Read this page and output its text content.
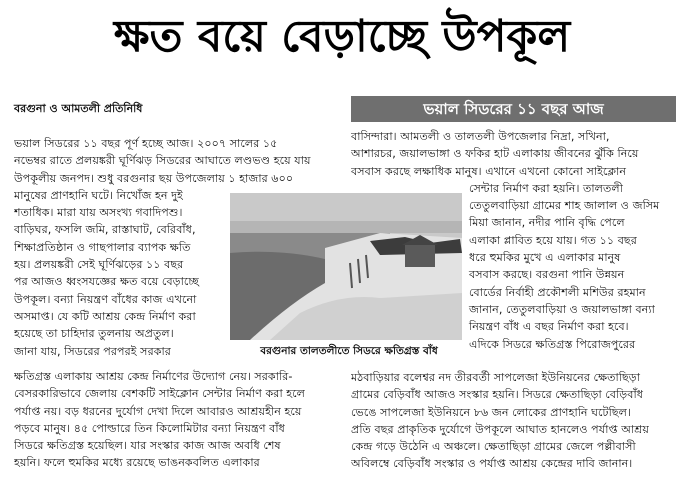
ক্ষত বয়ে বেড়াচ্ছে উপকূল
বরগুনা ও আমতলী প্রতিনিধি	ভয়াল সিডরের ১১ বছর আজ
ভয়াল সিডরের ১১ বছর পূর্ণ হচ্ছে আজ। ২০০৭ সালের ১৫
নভেম্বর রাতে প্রলয়ঙ্করী ঘূর্ণিঝড় সিডরের আঘাতে লণ্ডভণ্ড হয়ে যায়
উপকূলীয় জনপদ। শুধু বরগুনার ছয় উপজেলায় ১ হাজার ৬০০
মানুষের প্রাণহানি ঘটে। নিখোঁজ হন দুই
শতাধিক। মারা যায় অসংখ্য গবাদিপশু।
বাড়িঘর, ফসলি জমি, রাস্তাঘাট, বেরিবাঁধ,
শিক্ষাপ্রতিষ্ঠান ও গাছপালার ব্যাপক ক্ষতি
হয়। প্রলয়ঙ্করী সেই ঘূর্ণিঝড়ের ১১ বছর
পর আজও ধ্বংসযজ্ঞের ক্ষত বয়ে বেড়াচ্ছে
উপকূল। বন্যা নিয়ন্ত্রণ বাঁধের কাজ এখনো
অসমাপ্ত। যে কটি আশ্রয় কেন্দ্র নির্মাণ করা
হয়েছে তা চাহিদার তুলনায় অপ্রতুল।
জানা যায়, সিডরের পরপরই সরকার
ক্ষতিগ্রস্ত এলাকায় আশ্রয় কেন্দ্র নির্মাণের উদ্যোগ নেয়। সরকারি-
বেসরকারিভাবে জেলায় বেশকটি সাইক্লোন সেন্টার নির্মাণ করা হলে
পর্যাপ্ত নয়। বড় ধরনের দুর্যোগ দেখা দিলে আবারও আশ্রয়হীন হয়ে
পড়বে মানুষ। ৪৫ পোল্ডারে তিন কিলোমিটার বন্যা নিয়ন্ত্রণ বাঁধ
সিডরে ক্ষতিগ্রস্ত হয়েছিল। যার সংস্কার কাজ আজ অবধি শেষ
হয়নি। ফলে হুমকির মধ্যে রয়েছে ভাঙনকবলিত এলাকার
বাসিন্দারা। আমতলী ও তালতলী উপজেলার নিদ্রা, সখিনা,
আশারচর, জয়ালভাঙ্গা ও ফকির হাট এলাকায় জীবনের ঝুঁকি নিয়ে
বসবাস করছে লক্ষাধিক মানুষ। এখানে এখনো কোনো সাইক্লোন
সেন্টার নির্মাণ করা হয়নি। তালতলী
তেতুলবাড়িয়া গ্রামের শাহ জালাল ও জসিম
মিয়া জানান, নদীর পানি বৃদ্ধি পেলে
এলাকা প্লাবিত হয়ে যায়। গত ১১ বছর
ধরে হুমকির মুখে এ এলাকার মানুষ
বসবাস করছে। বরগুনা পানি উন্নয়ন
বোর্ডের নির্বাহী প্রকৌশলী মশিউর রহমান
জানান, তেতুলবাড়িয়া ও জয়ালভাঙ্গা বন্যা
নিয়ন্ত্রণ বাঁধ এ বছর নির্মাণ করা হবে।
এদিকে সিডরে ক্ষতিগ্রস্ত পিরোজপুরের
মঠবাড়িয়ার বলেশ্বর নদ তীরবর্তী সাপলেজা ইউনিয়নের ক্ষেতাছিড়া
গ্রামের বেড়িবাঁধ আজও সংস্কার হয়নি। সিডরে ক্ষেতাছিড়া বেড়িবাঁধ
ভেঙে সাপলেজা ইউনিয়নে ৮৬ জন লোকের প্রাণহানি ঘটেছিল।
প্রতি বছর প্রাকৃতিক দুর্যোগে উপকূলে আঘাত হানলেও পর্যাপ্ত আশ্রয়
কেন্দ্র গড়ে উঠেনি এ অঞ্চলে। ক্ষেতাছিড়া গ্রামের জেলে পল্লীবাসী
অবিলম্বে বেড়িবাঁধ সংস্কার ও পর্যাপ্ত আশ্রয় কেন্দ্রের দাবি জানান।
বরগুনার তালতলীতে সিডরে ক্ষতিগ্রস্ত বাঁধ
